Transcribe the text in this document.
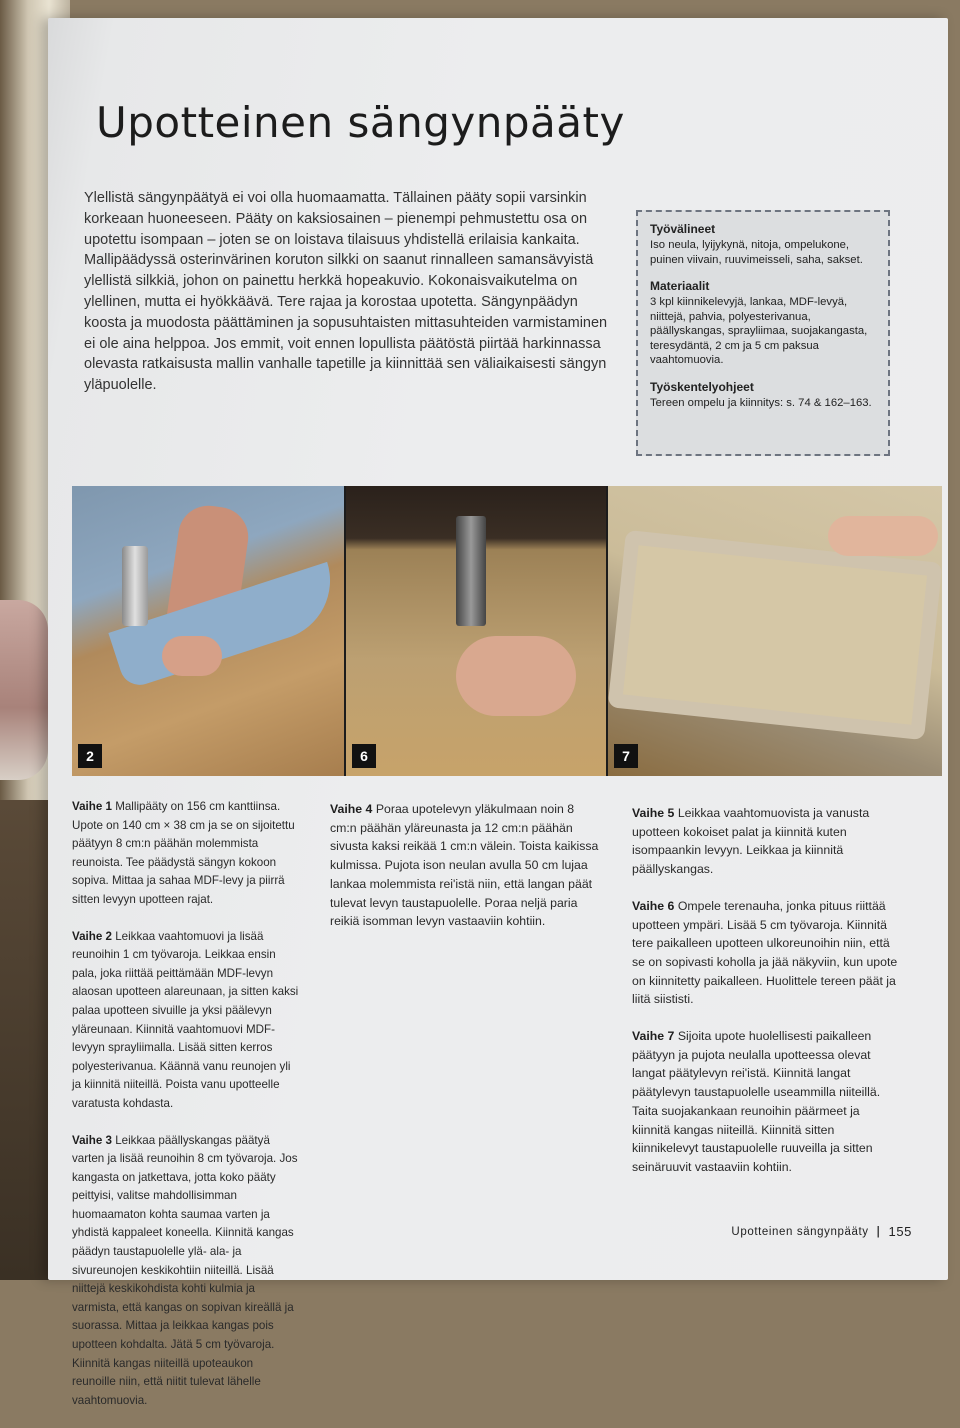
Upotteinen sängynpääty

Ylellistä sängynpäätyä ei voi olla huomaamatta. Tällainen pääty sopii varsinkin korkeaan huoneeseen. Pääty on kaksiosainen – pienempi pehmustettu osa on upotettu isompaan – joten se on loistava tilaisuus yhdistellä erilaisia kankaita. Mallipäädyssä osterinvärinen koruton silkki on saanut rinnalleen samansävyistä ylellistä silkkiä, johon on painettu herkkä hopeakuvio. Kokonaisvaikutelma on ylellinen, mutta ei hyökkäävä. Tere rajaa ja korostaa upotetta. Sängynpäädyn koosta ja muodosta päättäminen ja sopusuhtaisten mittasuhteiden varmistaminen ei ole aina helppoa. Jos emmit, voit ennen lopullista päätöstä piirtää harkinnassa olevasta ratkaisusta mallin vanhalle tapetille ja kiinnittää sen väliaikaisesti sängyn yläpuolelle.

Työvälineet

Iso neula, lyijykynä, nitoja, ompelukone, puinen viivain, ruuvimeisseli, saha, sakset.

Materiaalit

3 kpl kiinnikelevyjä, lankaa, MDF-levyä, niittejä, pahvia, polyesterivanua, päällyskangas, sprayliimaa, suojakangasta, teresydäntä, 2 cm ja 5 cm paksua vaahtomuovia.

Työskentelyohjeet

Tereen ompelu ja kiinnitys: s. 74 & 162–163.

2	6	7

Vaihe 1 Mallipääty on 156 cm kanttiinsa. Upote on 140 cm × 38 cm ja se on sijoitettu päätyyn 8 cm:n päähän molemmista reunoista. Tee päädystä sängyn kokoon sopiva. Mittaa ja sahaa MDF-levy ja piirrä sitten levyyn upotteen rajat.

Vaihe 2 Leikkaa vaahtomuovi ja lisää reunoihin 1 cm työvaroja. Leikkaa ensin pala, joka riittää peittämään MDF-levyn alaosan upotteen alareunaan, ja sitten kaksi palaa upotteen sivuille ja yksi päälevyn yläreunaan. Kiinnitä vaahtomuovi MDF-levyyn sprayliimalla. Lisää sitten kerros polyesterivanua. Käännä vanu reunojen yli ja kiinnitä niiteillä. Poista vanu upotteelle varatusta kohdasta.

Vaihe 3 Leikkaa päällyskangas päätyä varten ja lisää reunoihin 8 cm työvaroja. Jos kangasta on jatkettava, jotta koko pääty peittyisi, valitse mahdollisimman huomaamaton kohta saumaa varten ja yhdistä kappaleet koneella. Kiinnitä kangas päädyn taustapuolelle ylä- ala- ja sivureunojen keskikohtiin niiteillä. Lisää niittejä keskikohdista kohti kulmia ja varmista, että kangas on sopivan kireällä ja suorassa. Mittaa ja leikkaa kangas pois upotteen kohdalta. Jätä 5 cm työvaroja. Kiinnitä kangas niiteillä upoteaukon reunoille niin, että niitit tulevat lähelle vaahtomuovia.

Vaihe 4 Poraa upotelevyn yläkulmaan noin 8 cm:n päähän yläreunasta ja 12 cm:n päähän sivusta kaksi reikää 1 cm:n välein. Toista kaikissa kulmissa. Pujota ison neulan avulla 50 cm lujaa lankaa molemmista rei'istä niin, että langan päät tulevat levyn taustapuolelle. Poraa neljä paria reikiä isomman levyn vastaaviin kohtiin.

Vaihe 5 Leikkaa vaahtomuovista ja vanusta upotteen kokoiset palat ja kiinnitä kuten isompaankin levyyn. Leikkaa ja kiinnitä päällyskangas.

Vaihe 6 Ompele terenauha, jonka pituus riittää upotteen ympäri. Lisää 5 cm työvaroja. Kiinnitä tere paikalleen upotteen ulkoreunoihin niin, että se on sopivasti koholla ja jää näkyviin, kun upote on kiinnitetty paikalleen. Huolittele tereen päät ja liitä siististi.

Vaihe 7 Sijoita upote huolellisesti paikalleen päätyyn ja pujota neulalla upotteessa olevat langat päätylevyn rei'istä. Kiinnitä langat päätylevyn taustapuolelle useammilla niiteillä. Taita suojakankaan reunoihin päärmeet ja kiinnitä kangas niiteillä. Kiinnitä sitten kiinnikelevyt taustapuolelle ruuveilla ja sitten seinäruuvit vastaaviin kohtiin.

Upotteinen sängynpääty | 155
